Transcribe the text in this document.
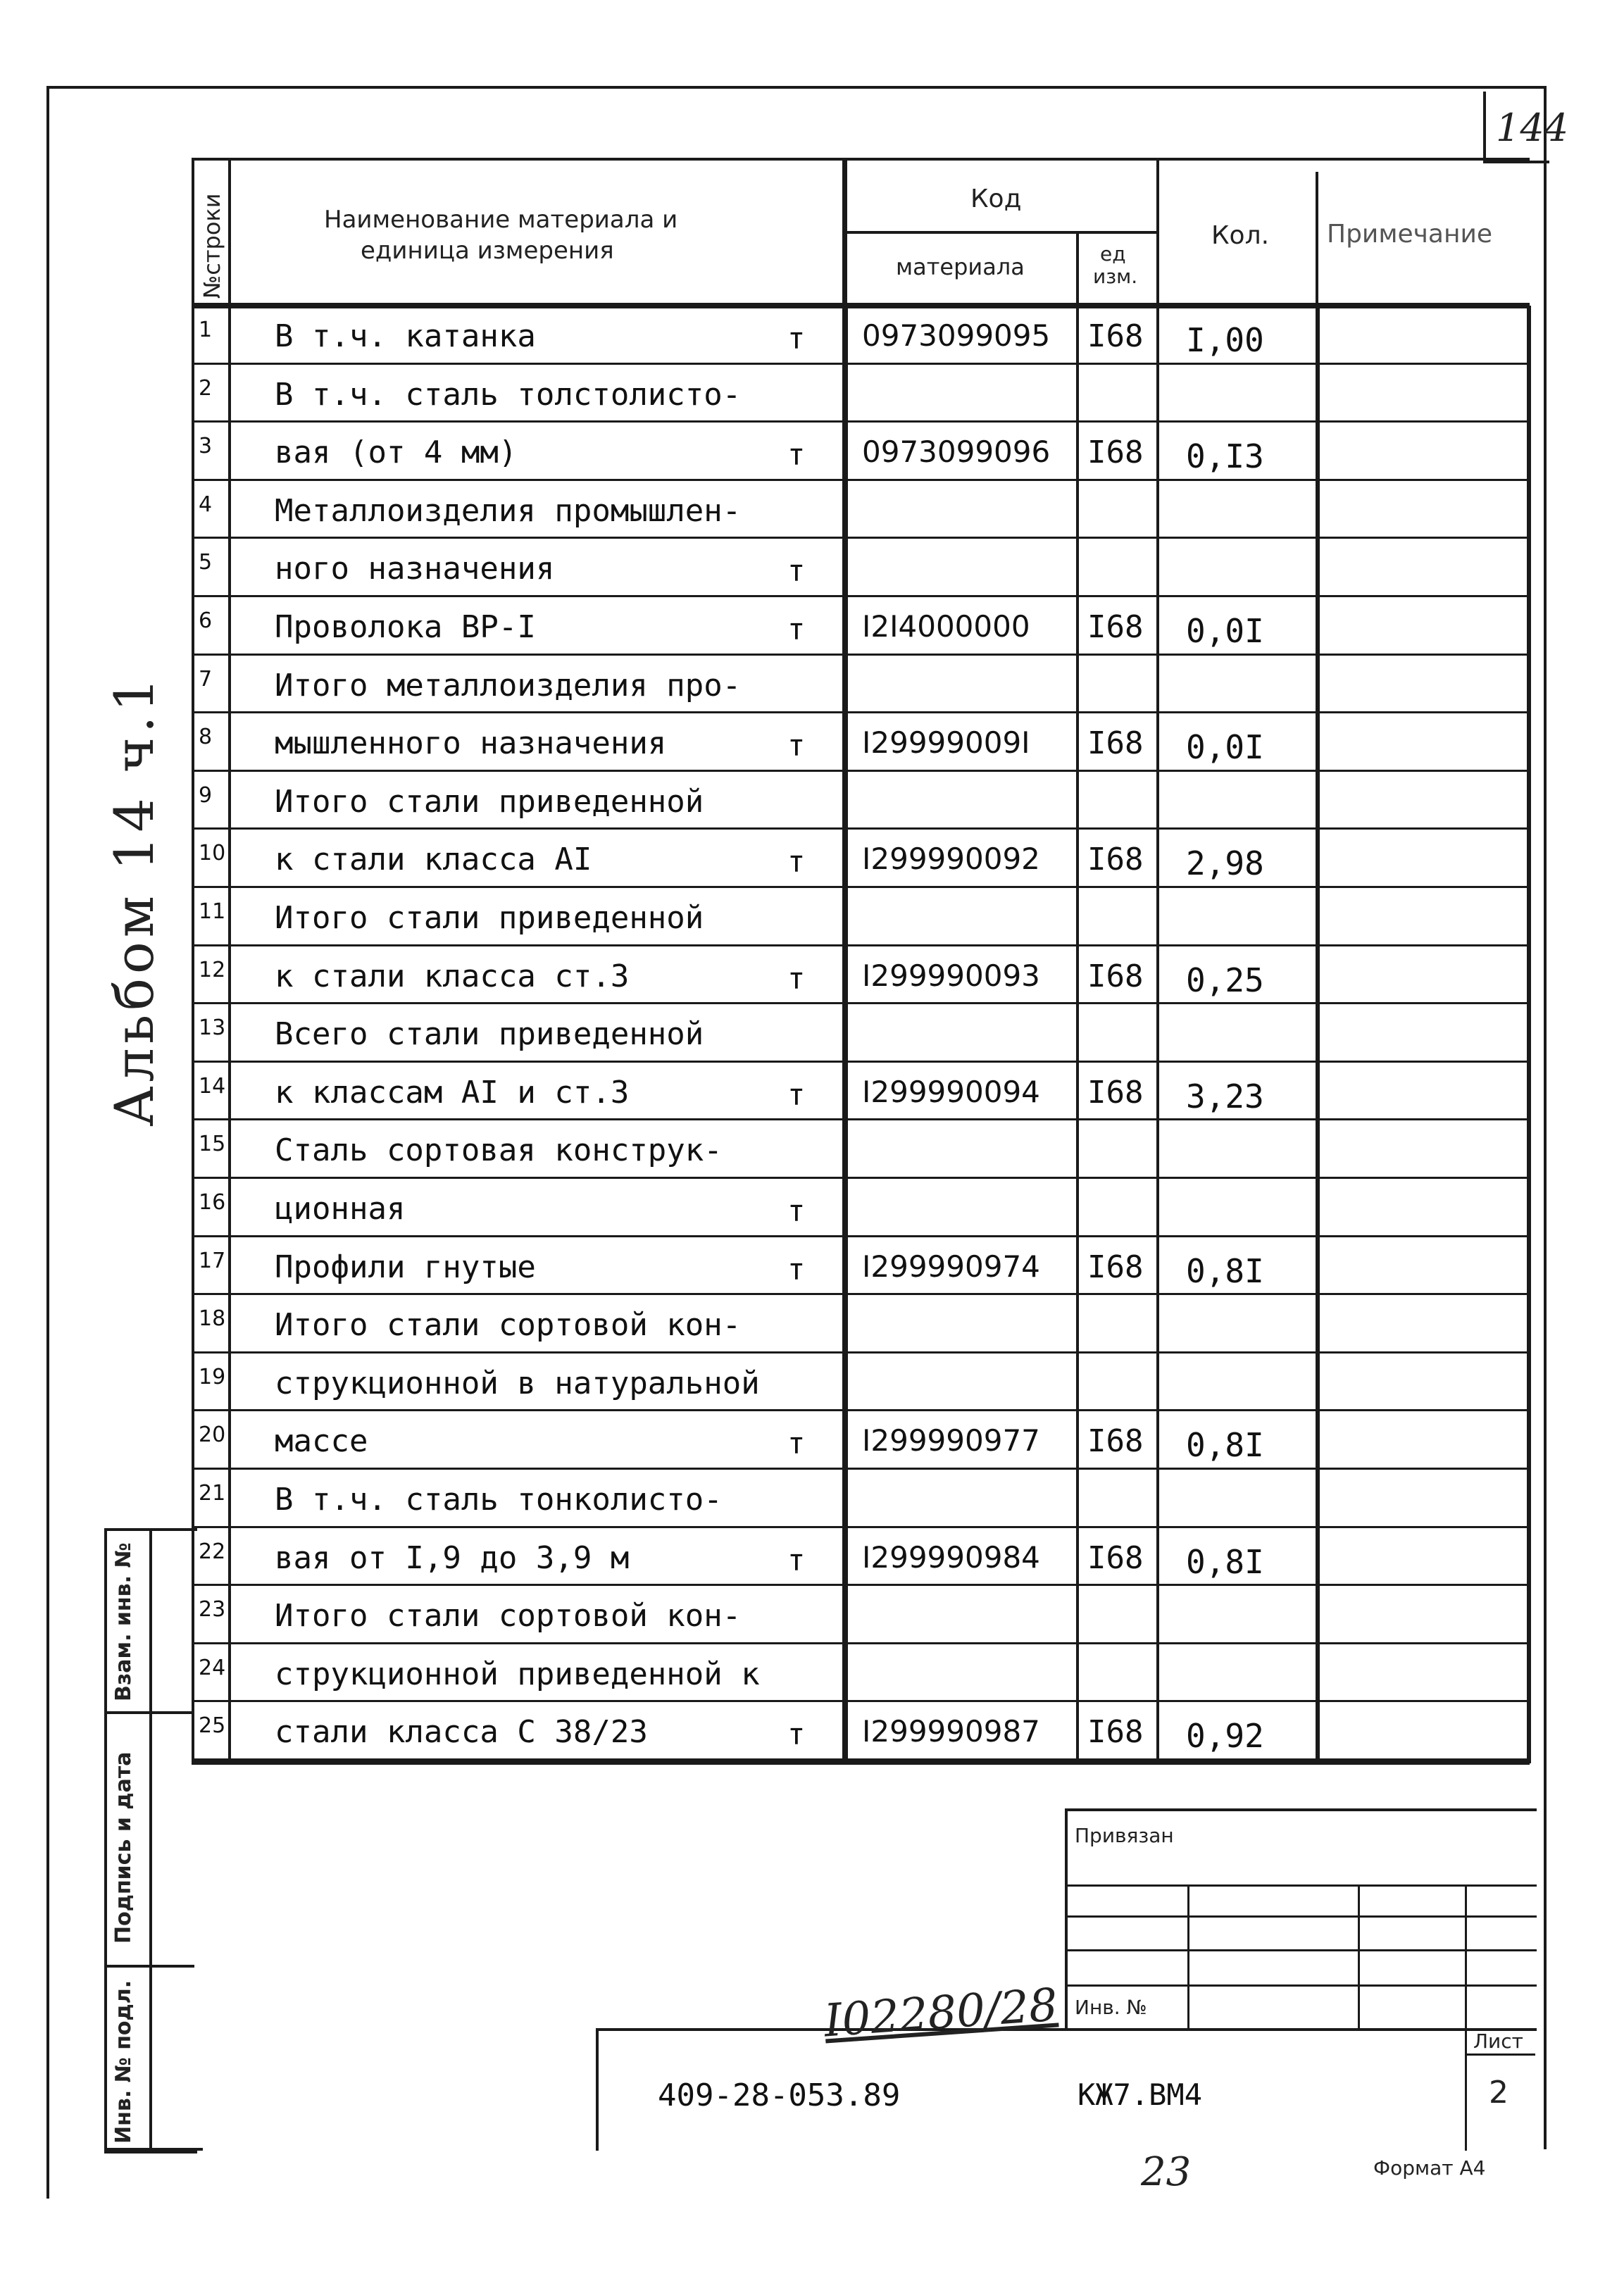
144
№строки	Наименование материала и
единица измерения
Код
материала	ед
изм.
Кол. Примечание
1 В т.ч. катанка	т 0973099095 I68 I,00
2 В т.ч. сталь толстолисто-
3 вая (от 4 мм)	т 0973099096 I68 0,I3
4 Металлоизделия промышлен-
5 ного назначения	т
6 Проволока ВР-I	т I2I4000000 I68 0,0I
7 Итого металлоизделия про-
8 мышленного назначения	т I29999009I I68 0,0I
9 Итого стали приведенной
10 к стали класса АI	т I299990092 I68 2,98
11 Итого стали приведенной
12 к стали класса ст.3	т I299990093 I68 0,25
13 Всего стали приведенной
14 к классам АI и ст.3	т I299990094 I68 3,23
15 Сталь сортовая конструк-
16 ционная	т
17 Профили гнутые	т I299990974 I68 0,8I
18 Итого стали сортовой кон-
19 струкционной в натуральной
20 массе	т I299990977 I68 0,8I
21 В т.ч. сталь тонколисто-
22 вая от I,9 до 3,9 м	т I299990984 I68 0,8I
23 Итого стали сортовой кон-
24 струкционной приведенной к
25 стали класса С 38/23	т I299990987 I68 0,92
Альбом 14 ч.1
Взам. инв. №
Подпись и дата
Инв. № подл.
Привязан
Инв. №
409-28-053.89	КЖ7.ВМ4
Лист
2
I02280/28
23	Формат А4
